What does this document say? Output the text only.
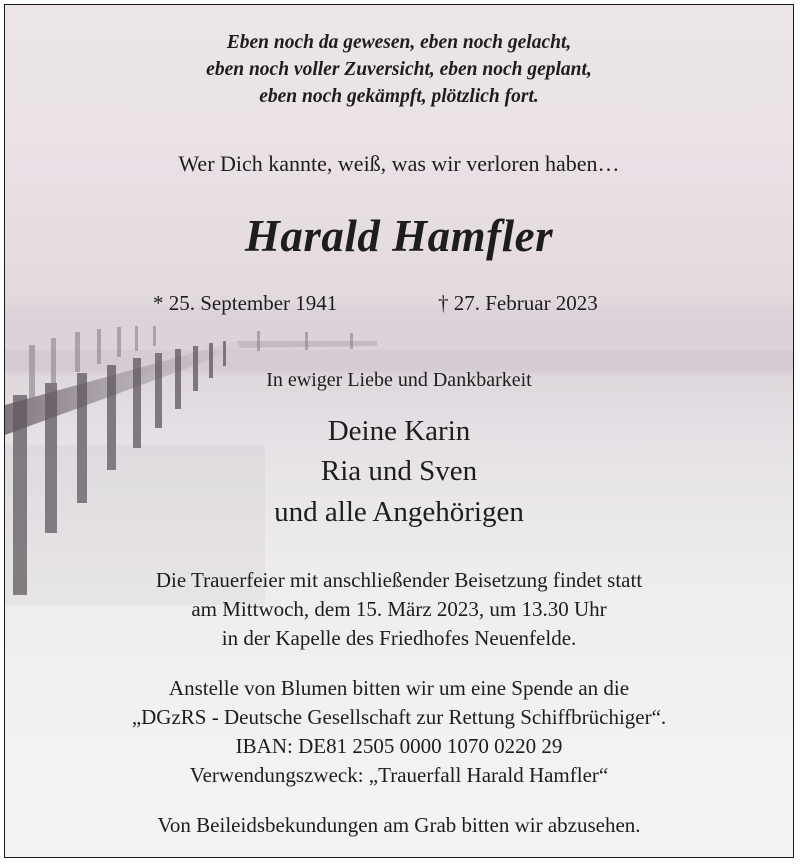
Eben noch da gewesen, eben noch gelacht,
eben noch voller Zuversicht, eben noch geplant,
eben noch gekämpft, plötzlich fort.
Wer Dich kannte, weiß, was wir verloren haben…
Harald Hamfler
* 25. September 1941	† 27. Februar 2023
In ewiger Liebe und Dankbarkeit
Deine Karin
Ria und Sven
und alle Angehörigen
Die Trauerfeier mit anschließender Beisetzung findet statt
am Mittwoch, dem 15. März 2023, um 13.30 Uhr
in der Kapelle des Friedhofes Neuenfelde.
Anstelle von Blumen bitten wir um eine Spende an die
„DGzRS - Deutsche Gesellschaft zur Rettung Schiffbrüchiger“.
IBAN: DE81 2505 0000 1070 0220 29
Verwendungszweck: „Trauerfall Harald Hamfler“
Von Beileidsbekundungen am Grab bitten wir abzusehen.
